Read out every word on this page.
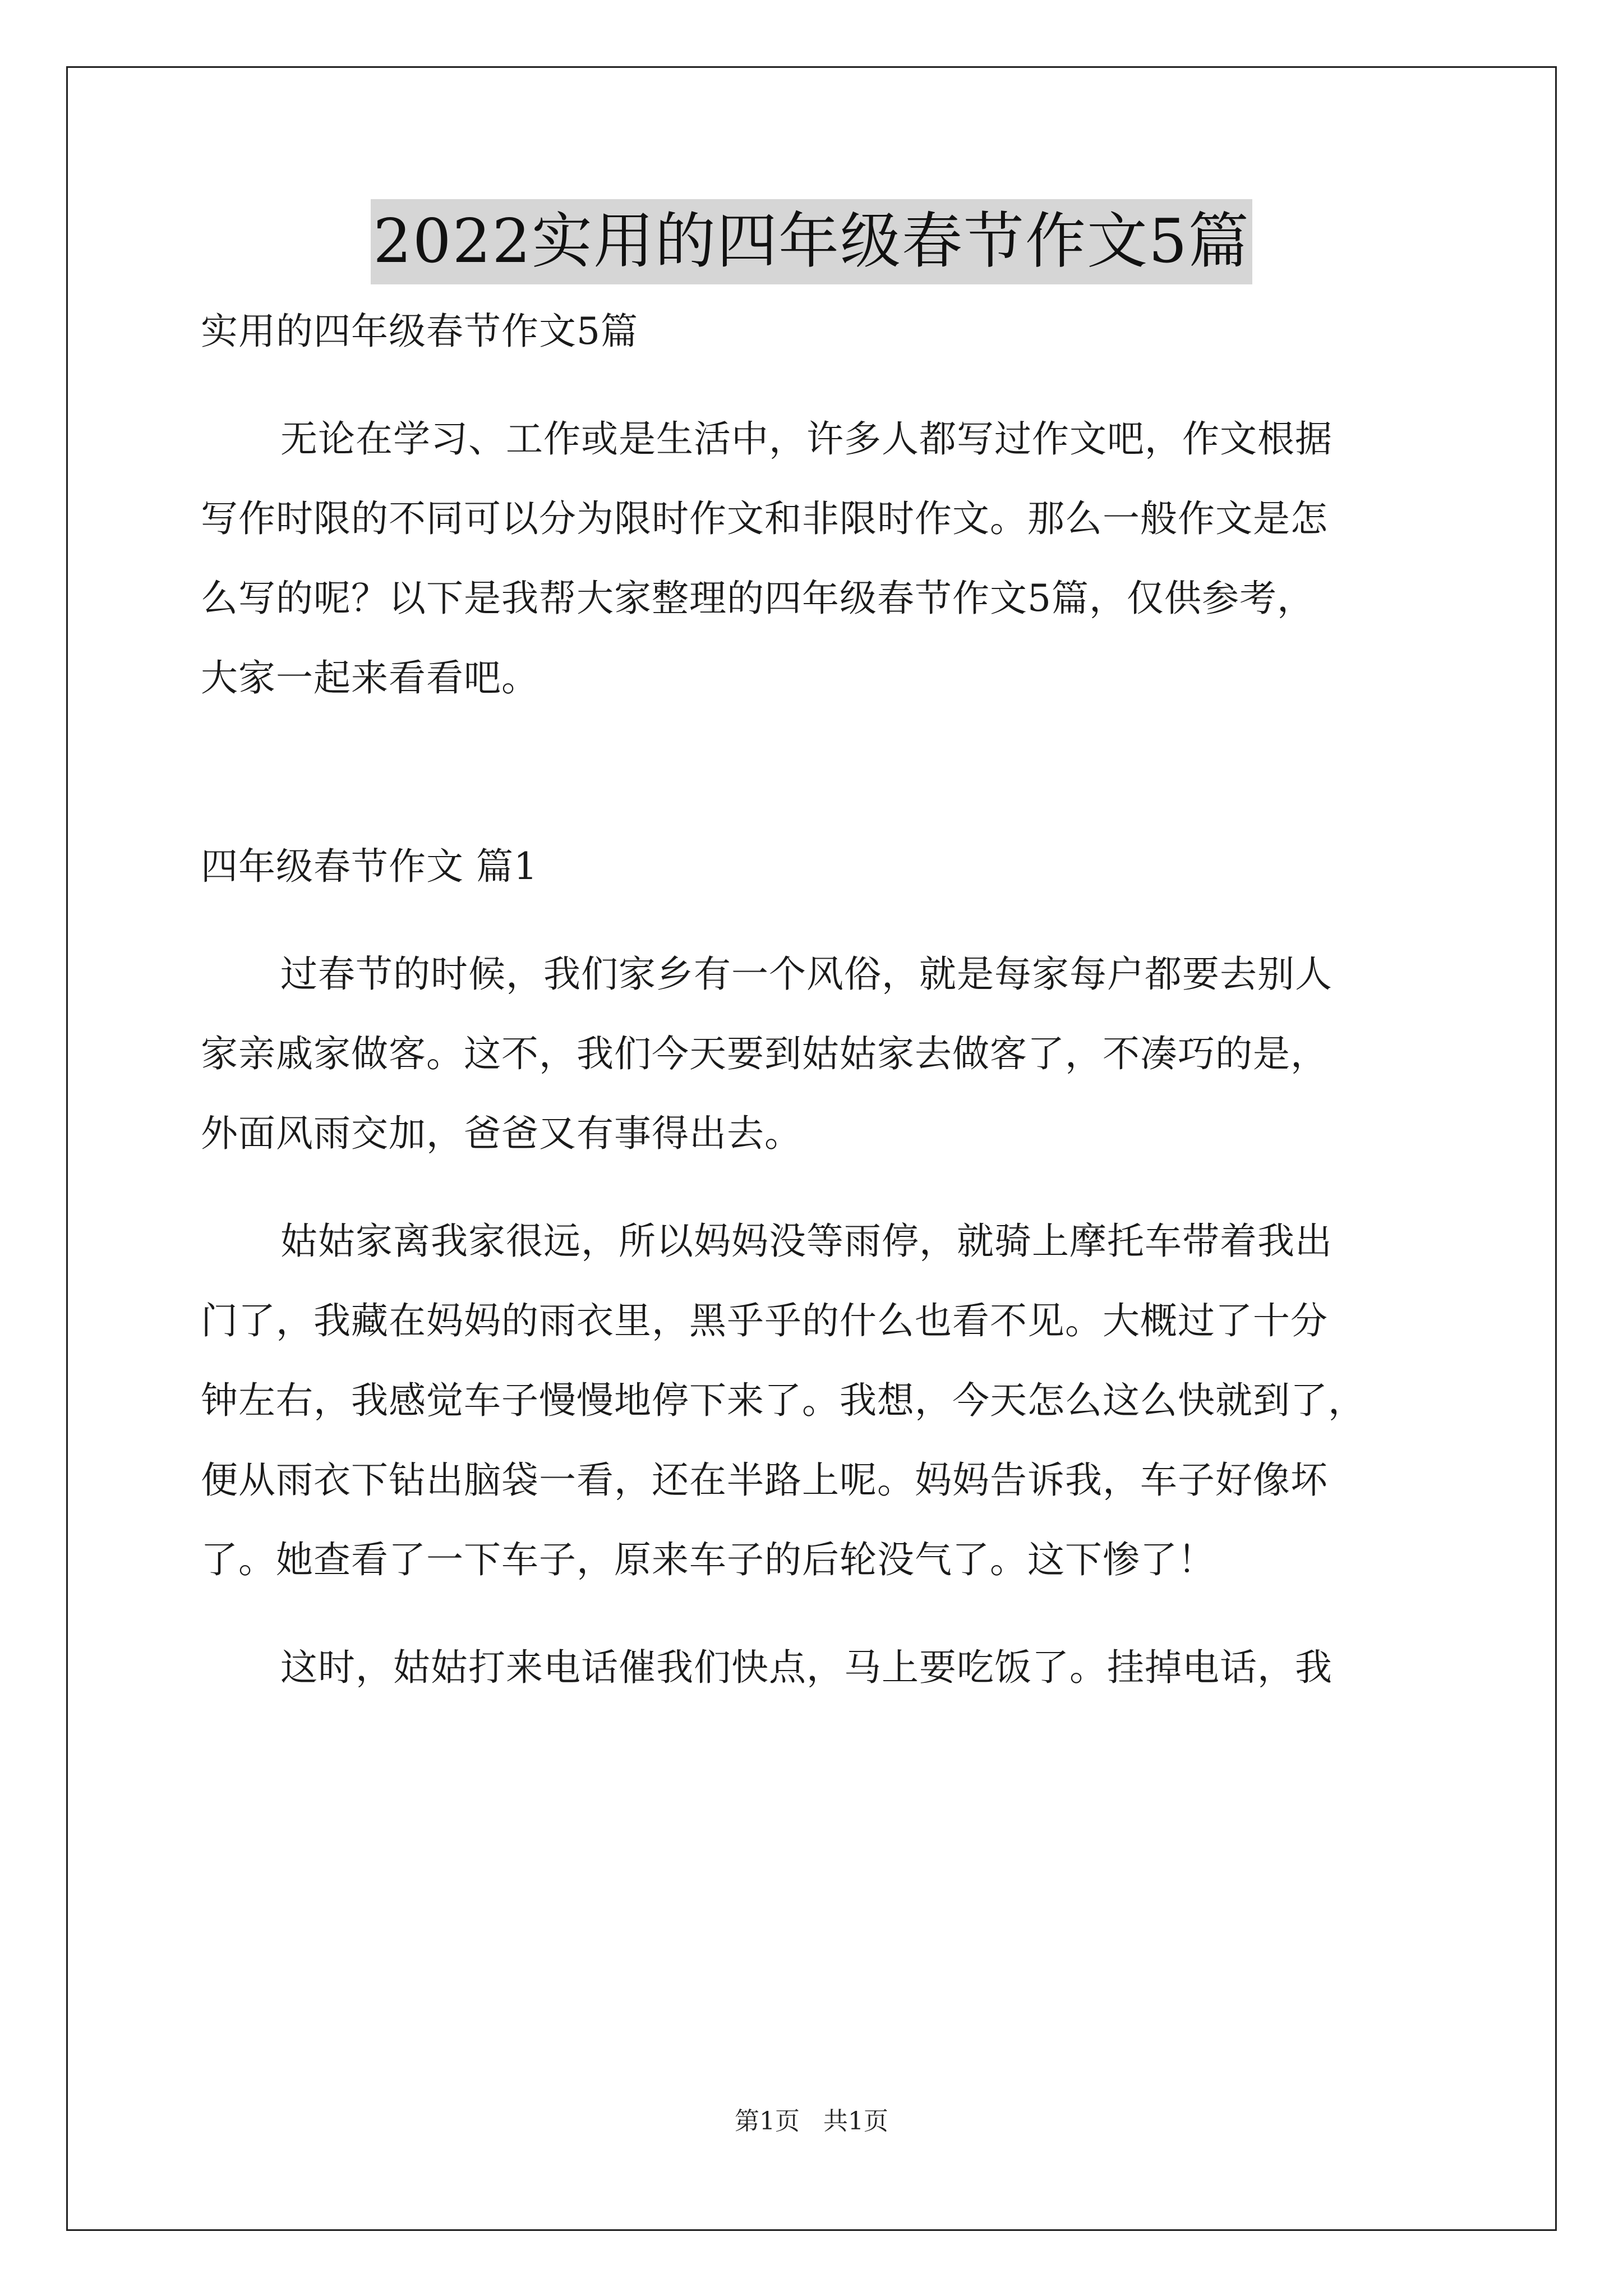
2022实用的四年级春节作文5篇
实用的四年级春节作文5篇
无论在学习、工作或是生活中，许多人都写过作文吧，作文根据
写作时限的不同可以分为限时作文和非限时作文。那么一般作文是怎
么写的呢？以下是我帮大家整理的四年级春节作文5篇，仅供参考，
大家一起来看看吧。
四年级春节作文 篇1
过春节的时候，我们家乡有一个风俗，就是每家每户都要去别人
家亲戚家做客。这不，我们今天要到姑姑家去做客了，不凑巧的是，
外面风雨交加，爸爸又有事得出去。
姑姑家离我家很远，所以妈妈没等雨停，就骑上摩托车带着我出
门了，我藏在妈妈的雨衣里，黑乎乎的什么也看不见。大概过了十分
钟左右，我感觉车子慢慢地停下来了。我想，今天怎么这么快就到了，
便从雨衣下钻出脑袋一看，还在半路上呢。妈妈告诉我，车子好像坏
了。她查看了一下车子，原来车子的后轮没气了。这下惨了！
这时，姑姑打来电话催我们快点，马上要吃饭了。挂掉电话，我
第1页 共1页
